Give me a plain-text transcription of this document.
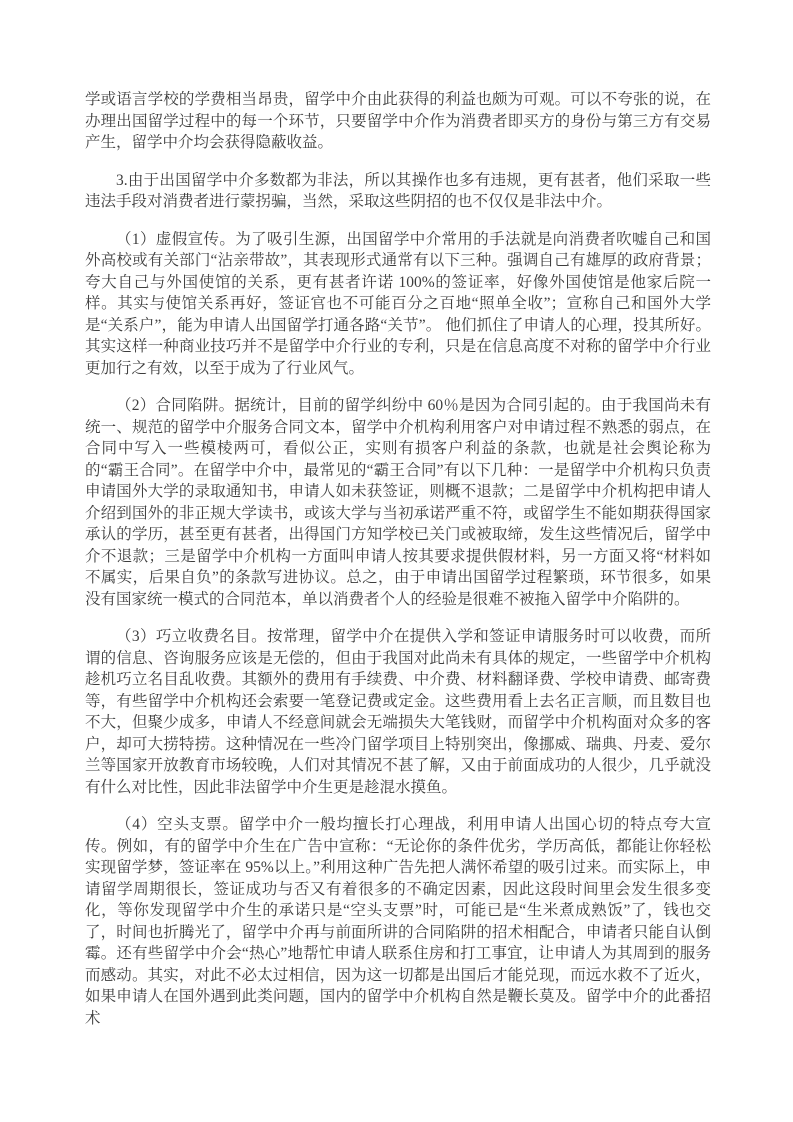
学或语言学校的学费相当昂贵，留学中介由此获得的利益也颇为可观。可以不夸张的说，在办理出国留学过程中的每一个环节，只要留学中介作为消费者即买方的身份与第三方有交易产生，留学中介均会获得隐蔽收益。

3.由于出国留学中介多数都为非法，所以其操作也多有违规，更有甚者，他们采取一些违法手段对消费者进行蒙拐骗，当然，采取这些阴招的也不仅仅是非法中介。

（1）虚假宣传。为了吸引生源，出国留学中介常用的手法就是向消费者吹嘘自己和国外高校或有关部门“沾亲带故”，其表现形式通常有以下三种。强调自己有雄厚的政府背景；夸大自己与外国使馆的关系，更有甚者许诺 100%的签证率，好像外国使馆是他家后院一样。其实与使馆关系再好，签证官也不可能百分之百地“照单全收”；宣称自己和国外大学是“关系户”，能为申请人出国留学打通各路“关节”。 他们抓住了申请人的心理，投其所好。其实这样一种商业技巧并不是留学中介行业的专利，只是在信息高度不对称的留学中介行业更加行之有效，以至于成为了行业风气。

（2）合同陷阱。据统计，目前的留学纠纷中 60％是因为合同引起的。由于我国尚未有统一、规范的留学中介服务合同文本，留学中介机构利用客户对申请过程不熟悉的弱点，在合同中写入一些模棱两可，看似公正，实则有损客户利益的条款，也就是社会舆论称为的“霸王合同”。在留学中介中，最常见的“霸王合同”有以下几种：一是留学中介机构只负责申请国外大学的录取通知书，申请人如未获签证，则概不退款；二是留学中介机构把申请人介绍到国外的非正规大学读书，或该大学与当初承诺严重不符，或留学生不能如期获得国家承认的学历，甚至更有甚者，出得国门方知学校已关门或被取缔，发生这些情况后，留学中介不退款；三是留学中介机构一方面叫申请人按其要求提供假材料，另一方面又将“材料如不属实，后果自负”的条款写进协议。总之，由于申请出国留学过程繁琐，环节很多，如果没有国家统一模式的合同范本，单以消费者个人的经验是很难不被拖入留学中介陷阱的。

（3）巧立收费名目。按常理，留学中介在提供入学和签证申请服务时可以收费，而所谓的信息、咨询服务应该是无偿的，但由于我国对此尚未有具体的规定，一些留学中介机构趁机巧立名目乱收费。其额外的费用有手续费、中介费、材料翻译费、学校申请费、邮寄费等，有些留学中介机构还会索要一笔登记费或定金。这些费用看上去名正言顺，而且数目也不大，但聚少成多，申请人不经意间就会无端损失大笔钱财，而留学中介机构面对众多的客户，却可大捞特捞。这种情况在一些冷门留学项目上特别突出，像挪威、瑞典、丹麦、爱尔兰等国家开放教育市场较晚，人们对其情况不甚了解，又由于前面成功的人很少，几乎就没有什么对比性，因此非法留学中介生更是趁混水摸鱼。

（4）空头支票。留学中介一般均擅长打心理战，利用申请人出国心切的特点夸大宣传。例如，有的留学中介生在广告中宣称：“无论你的条件优劣，学历高低，都能让你轻松实现留学梦，签证率在 95%以上。”利用这种广告先把人满怀希望的吸引过来。而实际上，申请留学周期很长，签证成功与否又有着很多的不确定因素，因此这段时间里会发生很多变化，等你发现留学中介生的承诺只是“空头支票”时，可能已是“生米煮成熟饭”了，钱也交了，时间也折腾光了，留学中介再与前面所讲的合同陷阱的招术相配合，申请者只能自认倒霉。还有些留学中介会“热心”地帮忙申请人联系住房和打工事宜，让申请人为其周到的服务而感动。其实，对此不必太过相信，因为这一切都是出国后才能兑现，而远水救不了近火，如果申请人在国外遇到此类问题，国内的留学中介机构自然是鞭长莫及。留学中介的此番招术
